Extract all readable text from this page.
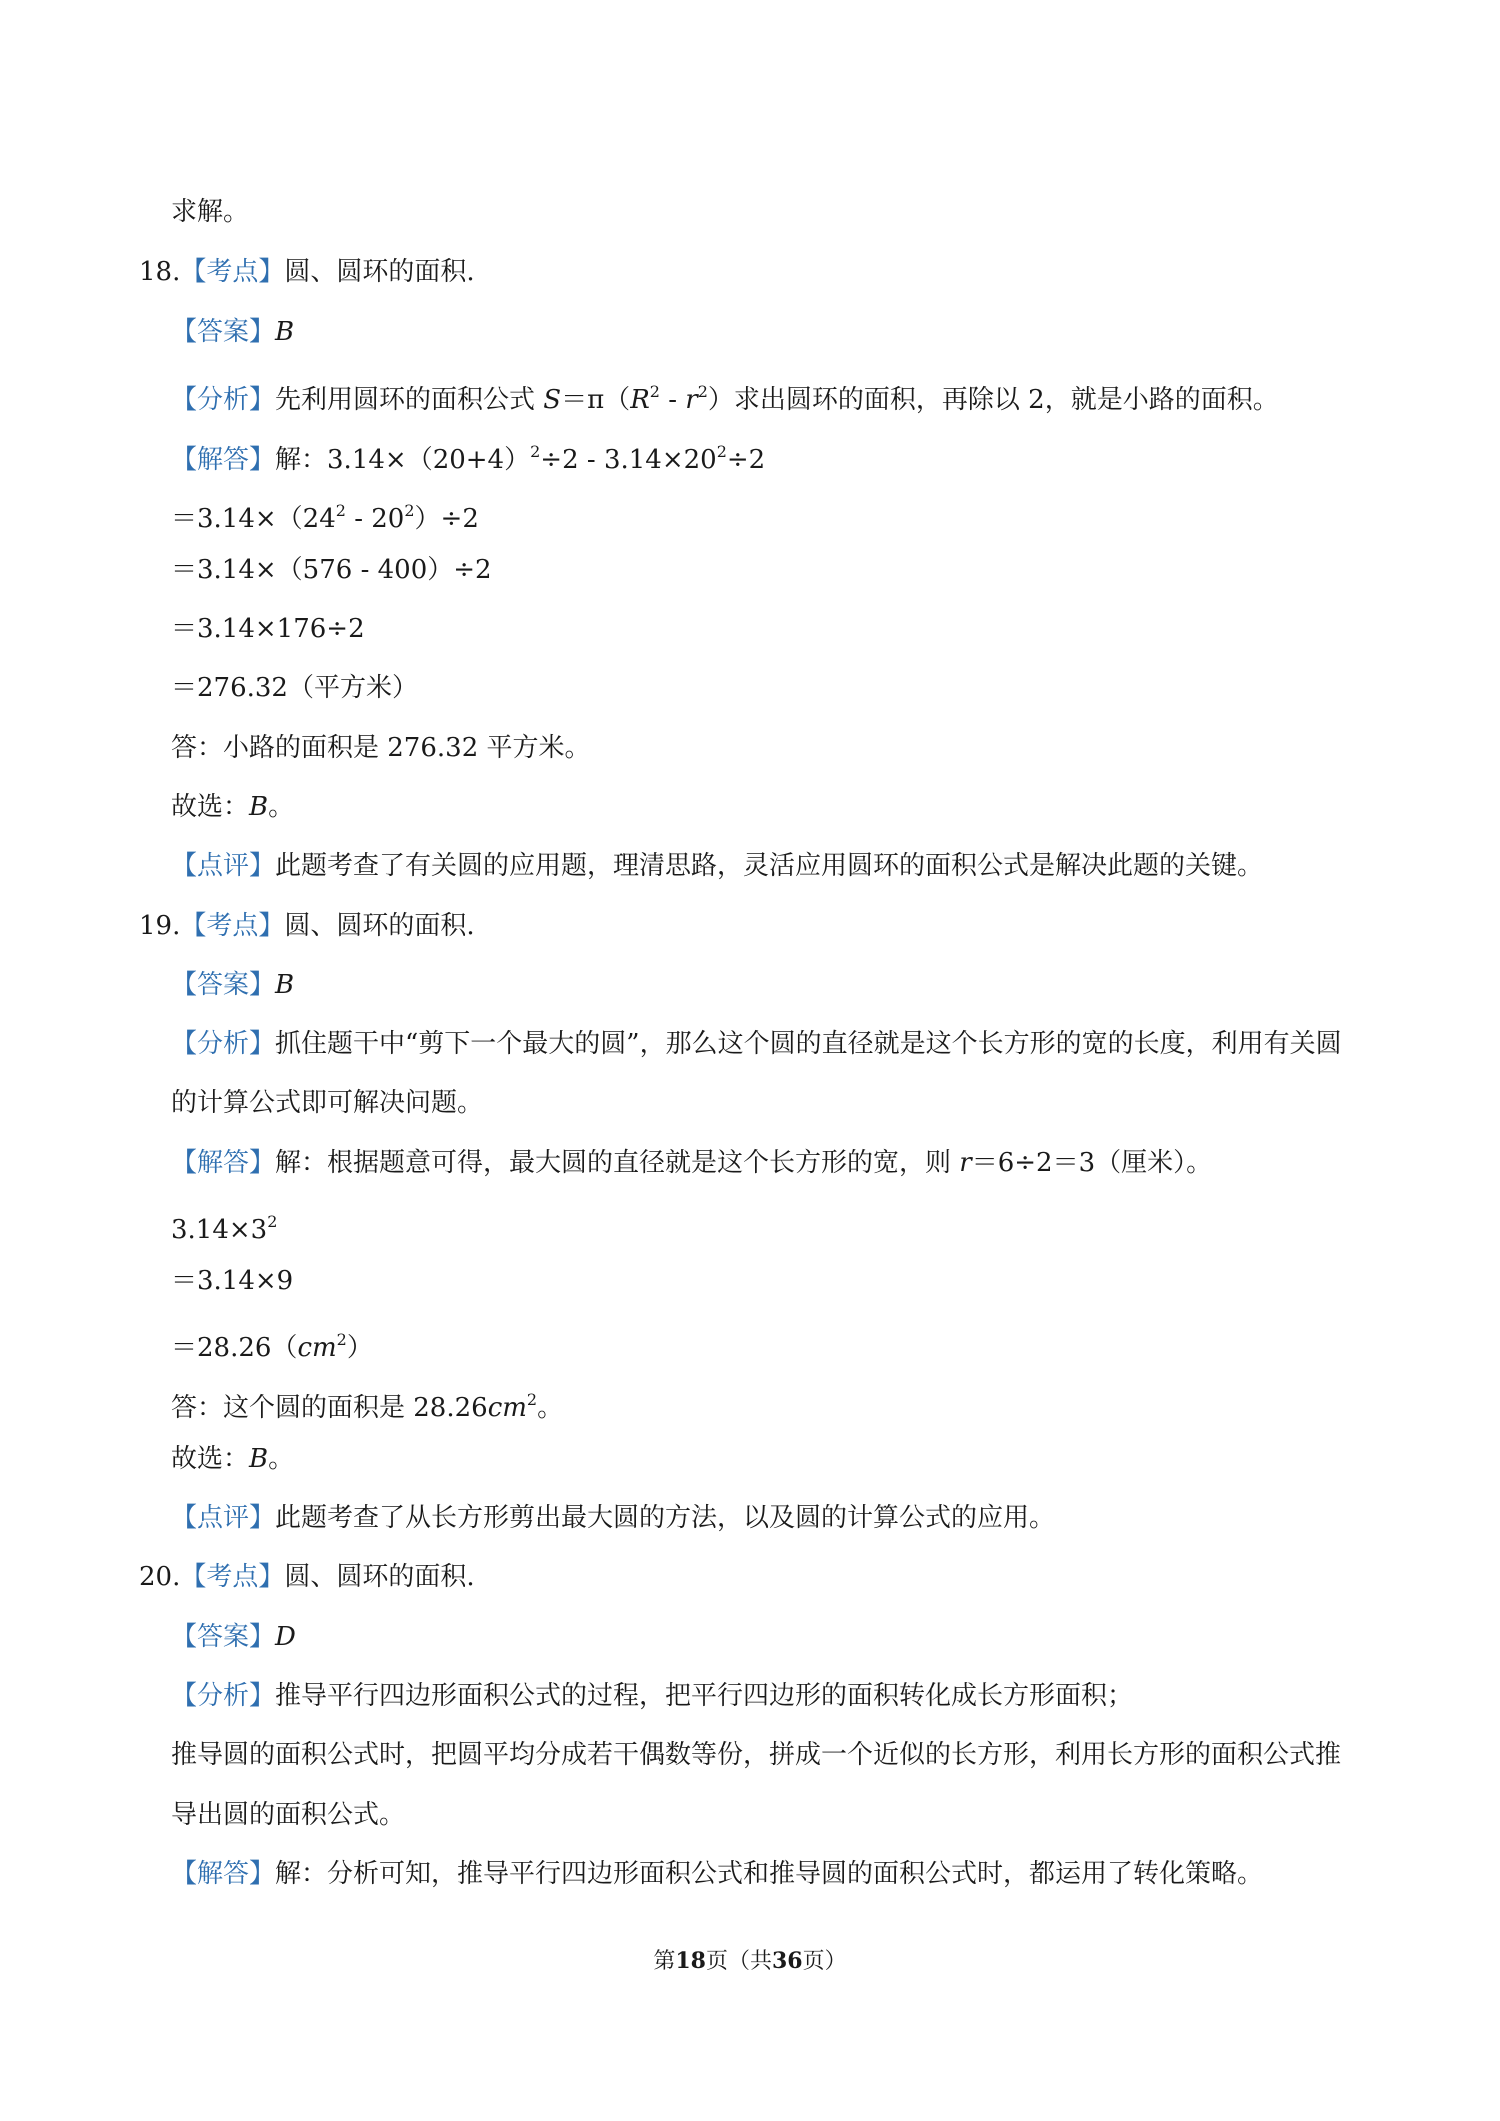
求解。
18.【考点】圆、圆环的面积.
【答案】B
【分析】先利用圆环的面积公式 $S=\pi(R^2 - r^2)$求出圆环的面积，再除以 2，就是小路的面积。
【解答】解：$3.14\times(20+4)^2\div 2 - 3.14\times 20^2\div 2$
$=3.14\times(24^2 - 20^2)\div 2$
＝3.14×（576 - 400）÷2
＝3.14×176÷2
＝276.32（平方米）
答：小路的面积是 276.32 平方米。
故选：B。
【点评】此题考查了有关圆的应用题，理清思路，灵活应用圆环的面积公式是解决此题的关键。
19.【考点】圆、圆环的面积.
【答案】B
【分析】抓住题干中“剪下一个最大的圆”，那么这个圆的直径就是这个长方形的宽的长度，利用有关圆
的计算公式即可解决问题。
【解答】解：根据题意可得，最大圆的直径就是这个长方形的宽，则 r＝6÷2＝3（厘米）。
$3.14\times 3^2$
＝3.14×9
$=28.26(cm^2)$
答：这个圆的面积是 $28.26cm^2$。
故选：B。
【点评】此题考查了从长方形剪出最大圆的方法，以及圆的计算公式的应用。
20.【考点】圆、圆环的面积.
【答案】D
【分析】推导平行四边形面积公式的过程，把平行四边形的面积转化成长方形面积；
推导圆的面积公式时，把圆平均分成若干偶数等份，拼成一个近似的长方形，利用长方形的面积公式推
导出圆的面积公式。
【解答】解：分析可知，推导平行四边形面积公式和推导圆的面积公式时，都运用了转化策略。
第18页（共36页）
